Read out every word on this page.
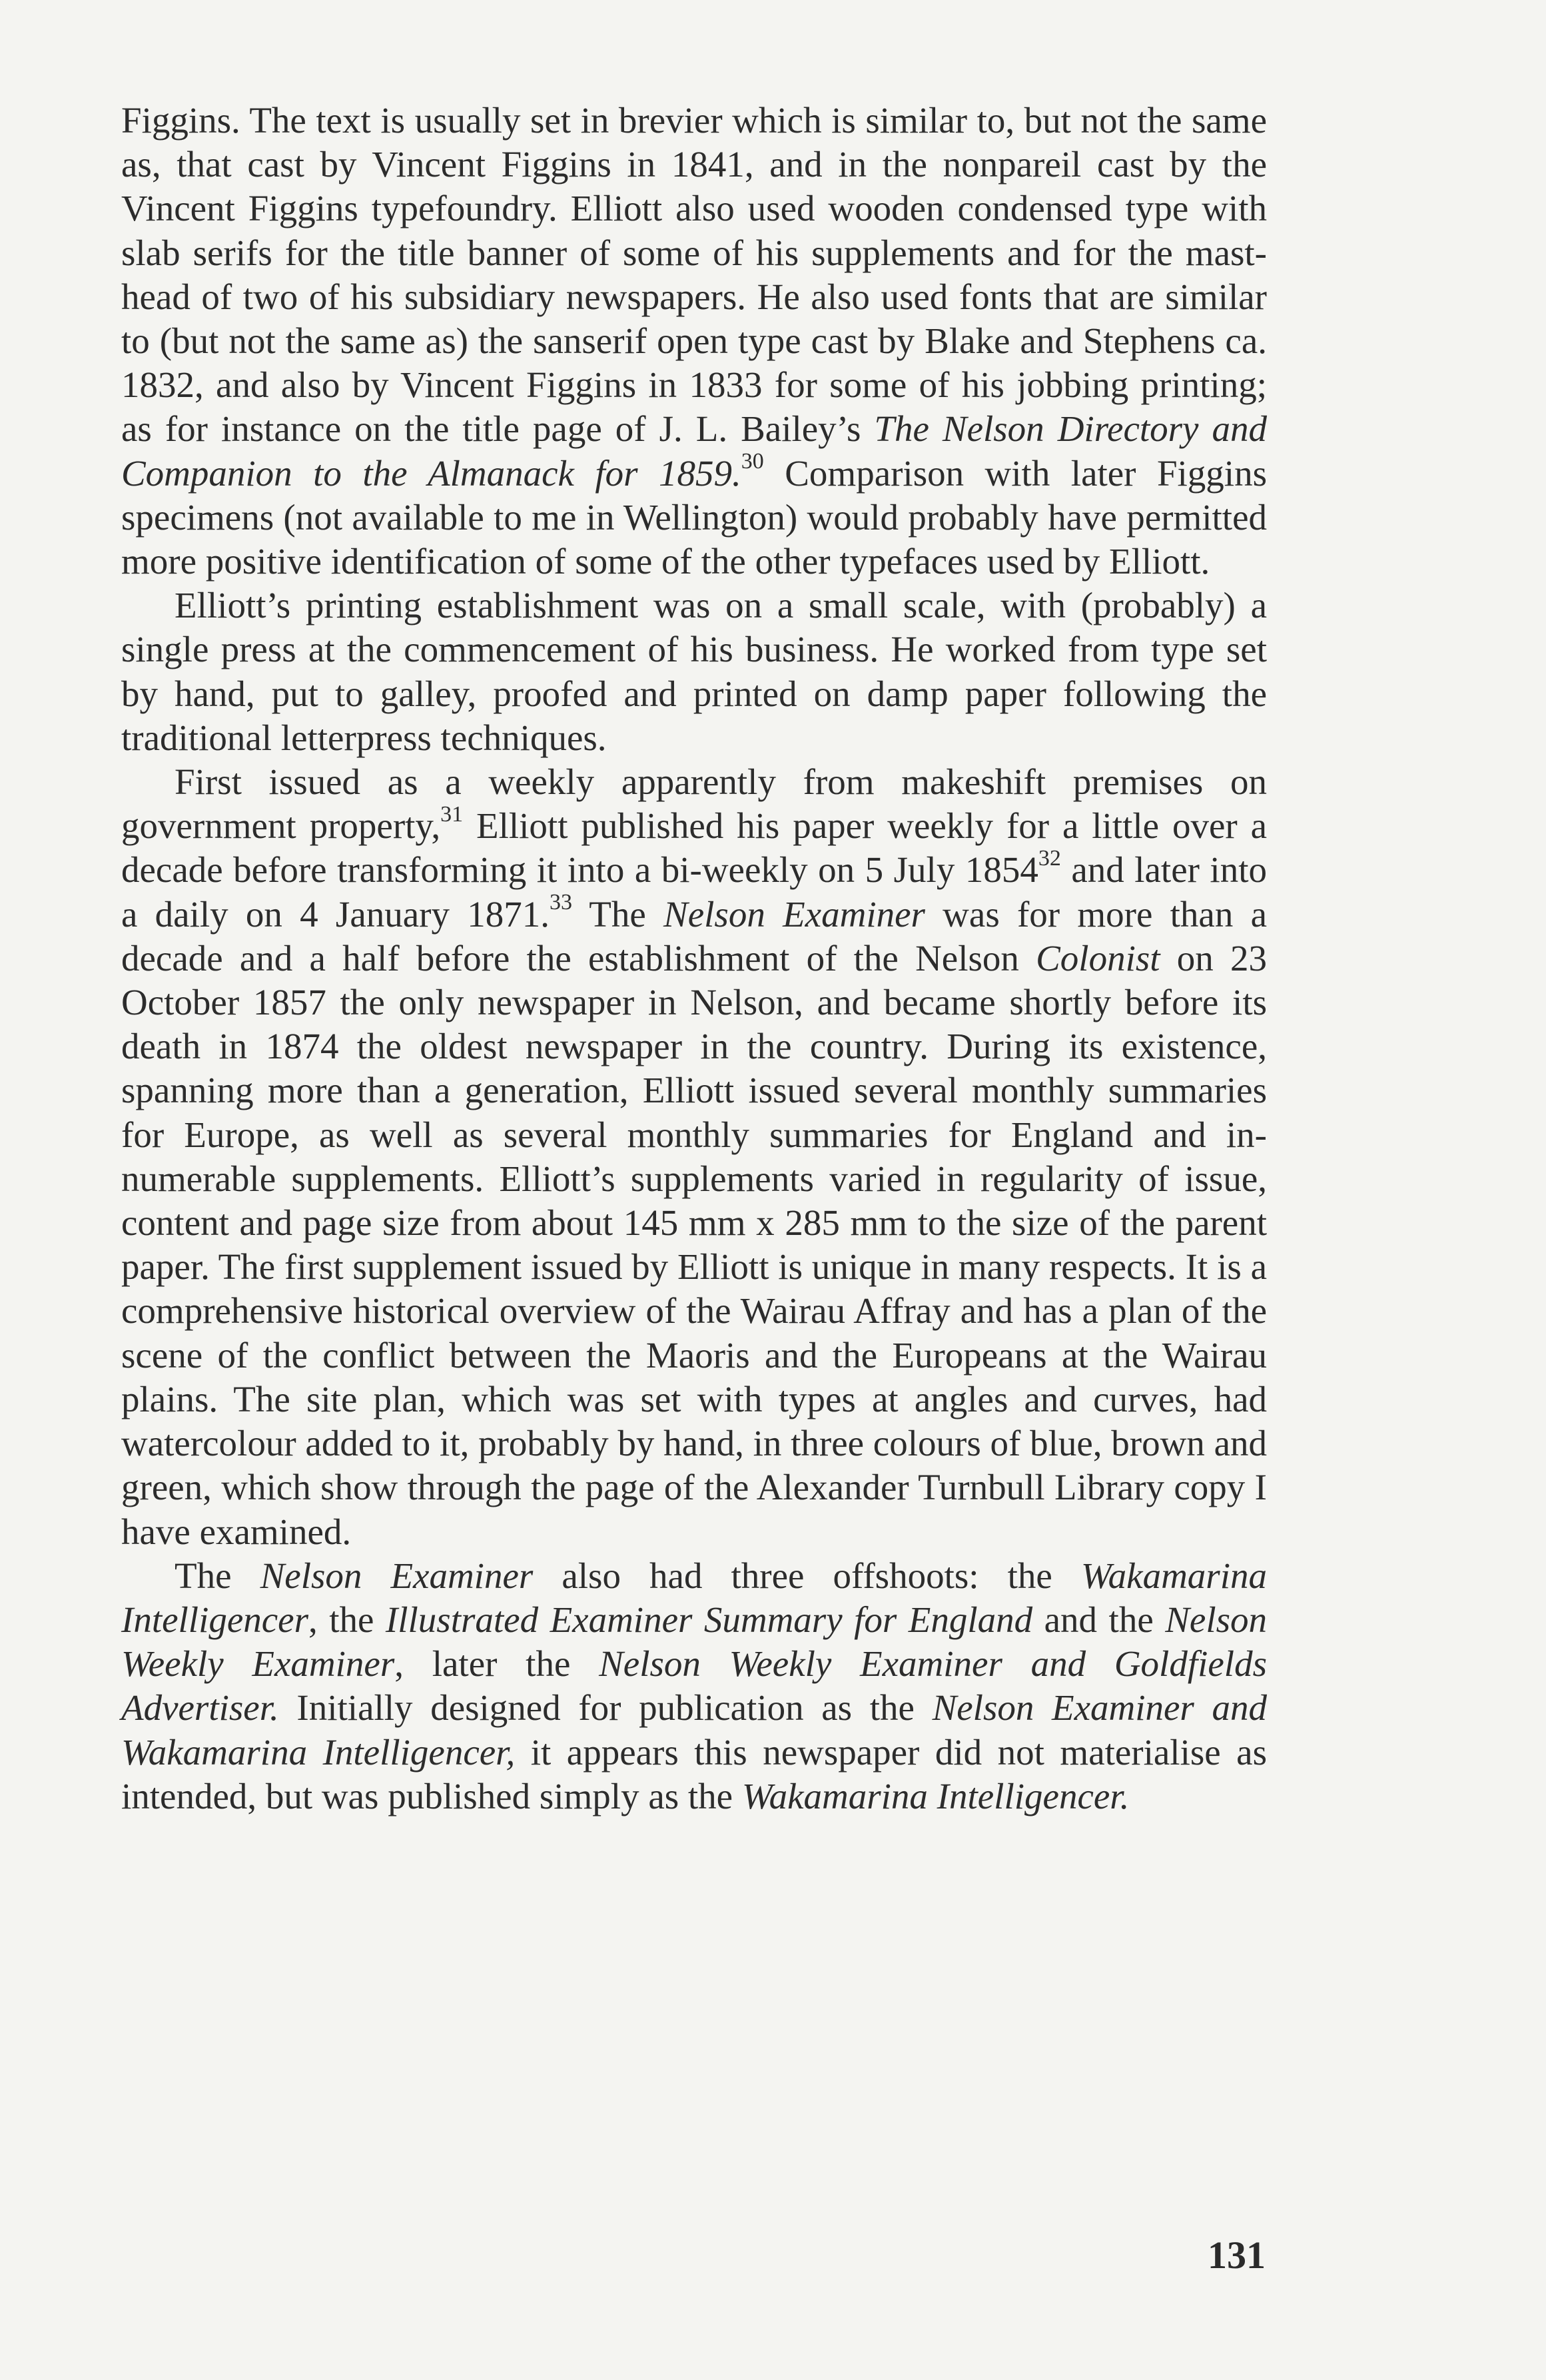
Figgins. The text is usually set in brevier which is similar to, but not the same as, that cast by Vincent Figgins in 1841, and in the nonpareil cast by the Vincent Figgins typefoundry. Elliott also used wooden condensed type with slab serifs for the title banner of some of his supplements and for the mast-head of two of his subsidiary newspapers. He also used fonts that are similar to (but not the same as) the sanserif open type cast by Blake and Stephens ca. 1832, and also by Vincent Figgins in 1833 for some of his jobbing printing; as for instance on the title page of J. L. Bailey’s The Nelson Directory and Companion to the Almanack for 1859.30 Comparison with later Figgins specimens (not available to me in Wellington) would probably have permitted more positive identification of some of the other typefaces used by Elliott.

Elliott’s printing establishment was on a small scale, with (probably) a single press at the commencement of his business. He worked from type set by hand, put to galley, proofed and printed on damp paper following the traditional letterpress techniques.

First issued as a weekly apparently from makeshift premises on government property,$^{31}$ Elliott published his paper weekly for a little over a decade before transforming it into a bi-weekly on 5 July 1854$^{32}$ and later into a daily on 4 January 1871.33 The Nelson Examiner was for more than a decade and a half before the establishment of the Nelson Colonist on 23 October 1857 the only newspaper in Nelson, and became shortly before its death in 1874 the oldest newspaper in the country. During its existence, spanning more than a generation, Elliott issued several monthly summaries for Europe, as well as several monthly summaries for England and innumerable supplements. Elliott’s supplements varied in regularity of issue, content and page size from about 145 mm x 285 mm to the size of the parent paper. The first supplement issued by Elliott is unique in many respects. It is a comprehensive historical overview of the Wairau Affray and has a plan of the scene of the conflict between the Maoris and the Europeans at the Wairau plains. The site plan, which was set with types at angles and curves, had watercolour added to it, probably by hand, in three colours of blue, brown and green, which show through the page of the Alexander Turnbull Library copy I have examined.

The Nelson Examiner also had three offshoots: the Wakamarina Intelligencer, the Illustrated Examiner Summary for England and the Nelson Weekly Examiner, later the Nelson Weekly Examiner and Goldfields Advertiser. Initially designed for publication as the Nelson Examiner and Wakamarina Intelligencer, it appears this newspaper did not materialise as intended, but was published simply as the Wakamarina Intelligencer.

131
